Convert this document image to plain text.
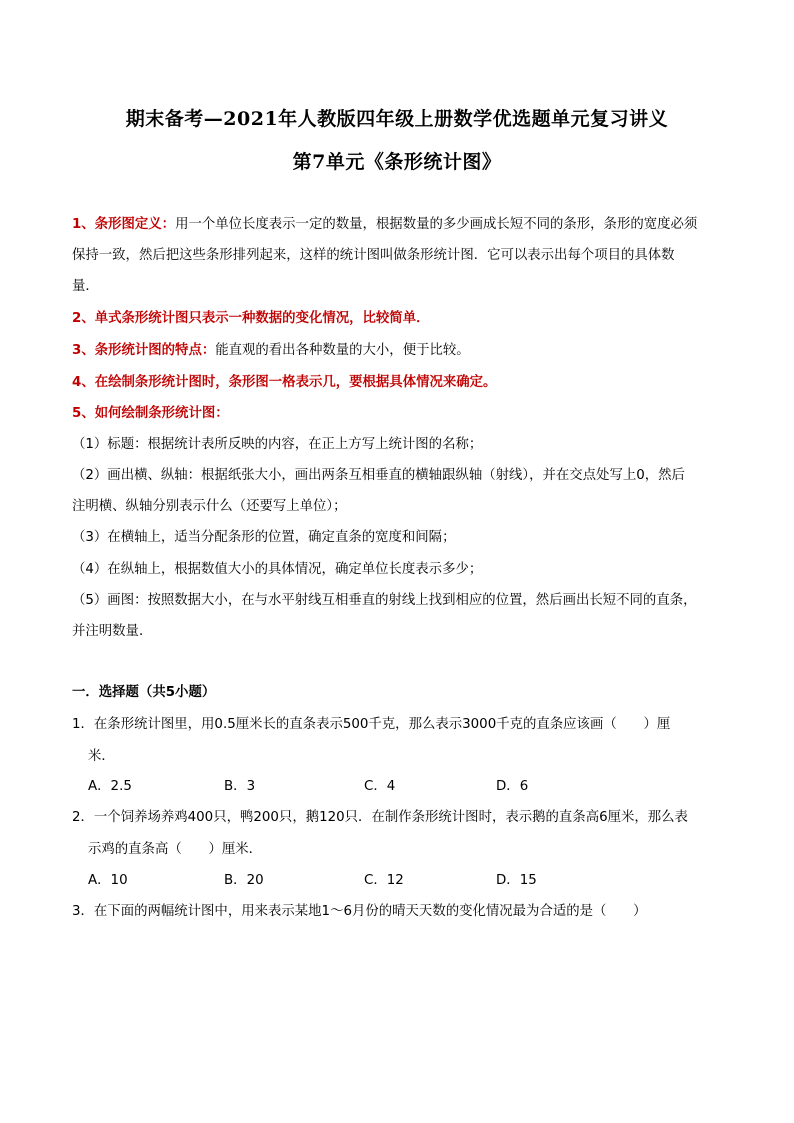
期末备考—2021年人教版四年级上册数学优选题单元复习讲义
第7单元《条形统计图》
1、条形图定义：用一个单位长度表示一定的数量，根据数量的多少画成长短不同的条形，条形的宽度必须
保持一致，然后把这些条形排列起来，这样的统计图叫做条形统计图．它可以表示出每个项目的具体数
量．
2、单式条形统计图只表示一种数据的变化情况，比较简单．
3、条形统计图的特点：能直观的看出各种数量的大小，便于比较。
4、在绘制条形统计图时，条形图一格表示几，要根据具体情况来确定。
5、如何绘制条形统计图：
（1）标题：根据统计表所反映的内容，在正上方写上统计图的名称；
（2）画出横、纵轴：根据纸张大小，画出两条互相垂直的横轴跟纵轴（射线），并在交点处写上0，然后
注明横、纵轴分别表示什么（还要写上单位）；
（3）在横轴上，适当分配条形的位置，确定直条的宽度和间隔；
（4）在纵轴上，根据数值大小的具体情况，确定单位长度表示多少；
（5）画图：按照数据大小，在与水平射线互相垂直的射线上找到相应的位置，然后画出长短不同的直条，
并注明数量．
一．选择题（共5小题）
1．在条形统计图里，用0.5厘米长的直条表示500千克，那么表示3000千克的直条应该画（　　）厘
米．
A．2.5	B．3	C．4	D．6
2．一个饲养场养鸡400只，鸭200只，鹅120只．在制作条形统计图时，表示鹅的直条高6厘米，那么表
示鸡的直条高（　　）厘米．
A．10	B．20	C．12	D．15
3．在下面的两幅统计图中，用来表示某地1～6月份的晴天天数的变化情况最为合适的是（　　）
